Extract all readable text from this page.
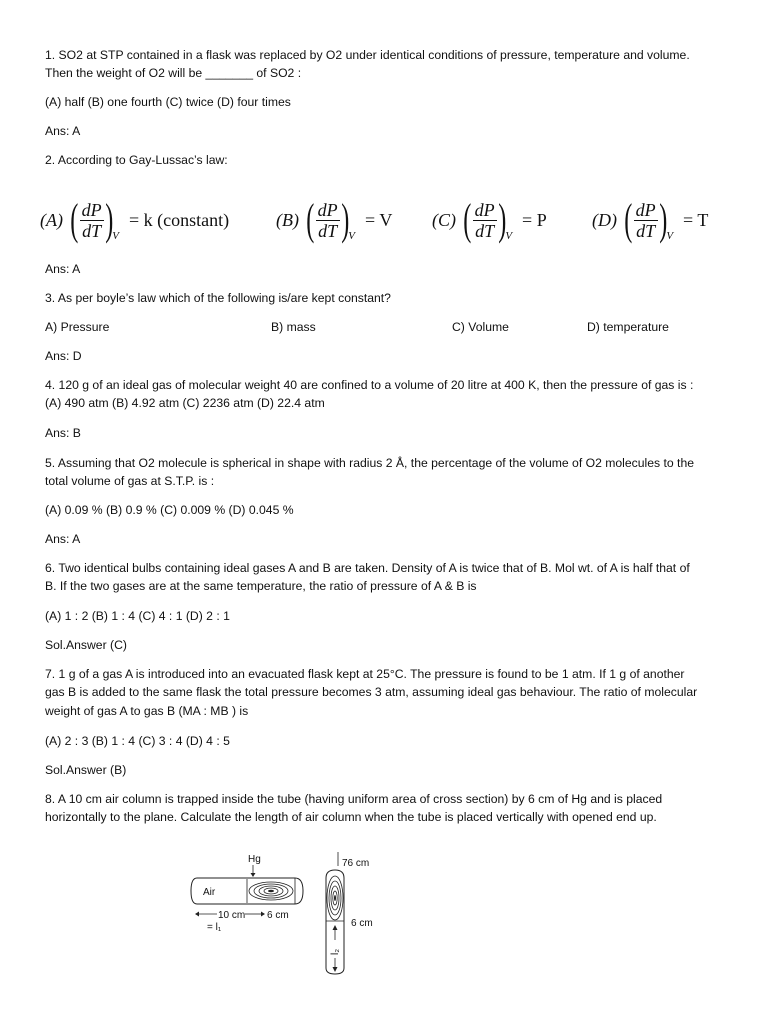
1. SO2 at STP contained in a flask was replaced by O2 under identical conditions of pressure, temperature and volume.
Then the weight of O2 will be _______ of SO2 :
(A) half (B) one fourth (C) twice (D) four times
Ans: A
2. According to Gay-Lussac’s law:
(A) ( $\frac{dP}{dT}$ ) V
= k (constant)	(B) ( $\frac{dP}{dT}$ ) V
= V (C) ( $\frac{dP}{dT}$ ) V
= P	(D) ( $\frac{dP}{dT}$ ) V
= T
Ans: A
3. As per boyle’s law which of the following is/are kept constant?
A) Pressure	B) mass	C) Volume	D) temperature
Ans: D
4. 120 g of an ideal gas of molecular weight 40 are confined to a volume of 20 litre at 400 K, then the pressure of gas is :
(A) 490 atm (B) 4.92 atm (C) 2236 atm (D) 22.4 atm
Ans: B
5. Assuming that O2 molecule is spherical in shape with radius 2 Å, the percentage of the volume of O2 molecules to the
total volume of gas at S.T.P. is :
(A) 0.09 % (B) 0.9 % (C) 0.009 % (D) 0.045 %
Ans: A
6. Two identical bulbs containing ideal gases A and B are taken. Density of A is twice that of B. Mol wt. of A is half that of
B. If the two gases are at the same temperature, the ratio of pressure of A & B is
(A) 1 : 2 (B) 1 : 4 (C) 4 : 1 (D) 2 : 1
Sol.Answer (C)
7. 1 g of a gas A is introduced into an evacuated flask kept at 25°C. The pressure is found to be 1 atm. If 1 g of another
gas B is added to the same flask the total pressure becomes 3 atm, assuming ideal gas behaviour. The ratio of molecular
weight of gas A to gas B (MA : MB ) is
(A) 2 : 3 (B) 1 : 4 (C) 3 : 4 (D) 4 : 5
Sol.Answer (B)
8. A 10 cm air column is trapped inside the tube (having uniform area of cross section) by 6 cm of Hg and is placed
horizontally to the plane. Calculate the length of air column when the tube is placed vertically with opened end up.
Hg
Air
10 cm 6 cm
= l₁
76 cm
6 cm
l₂
